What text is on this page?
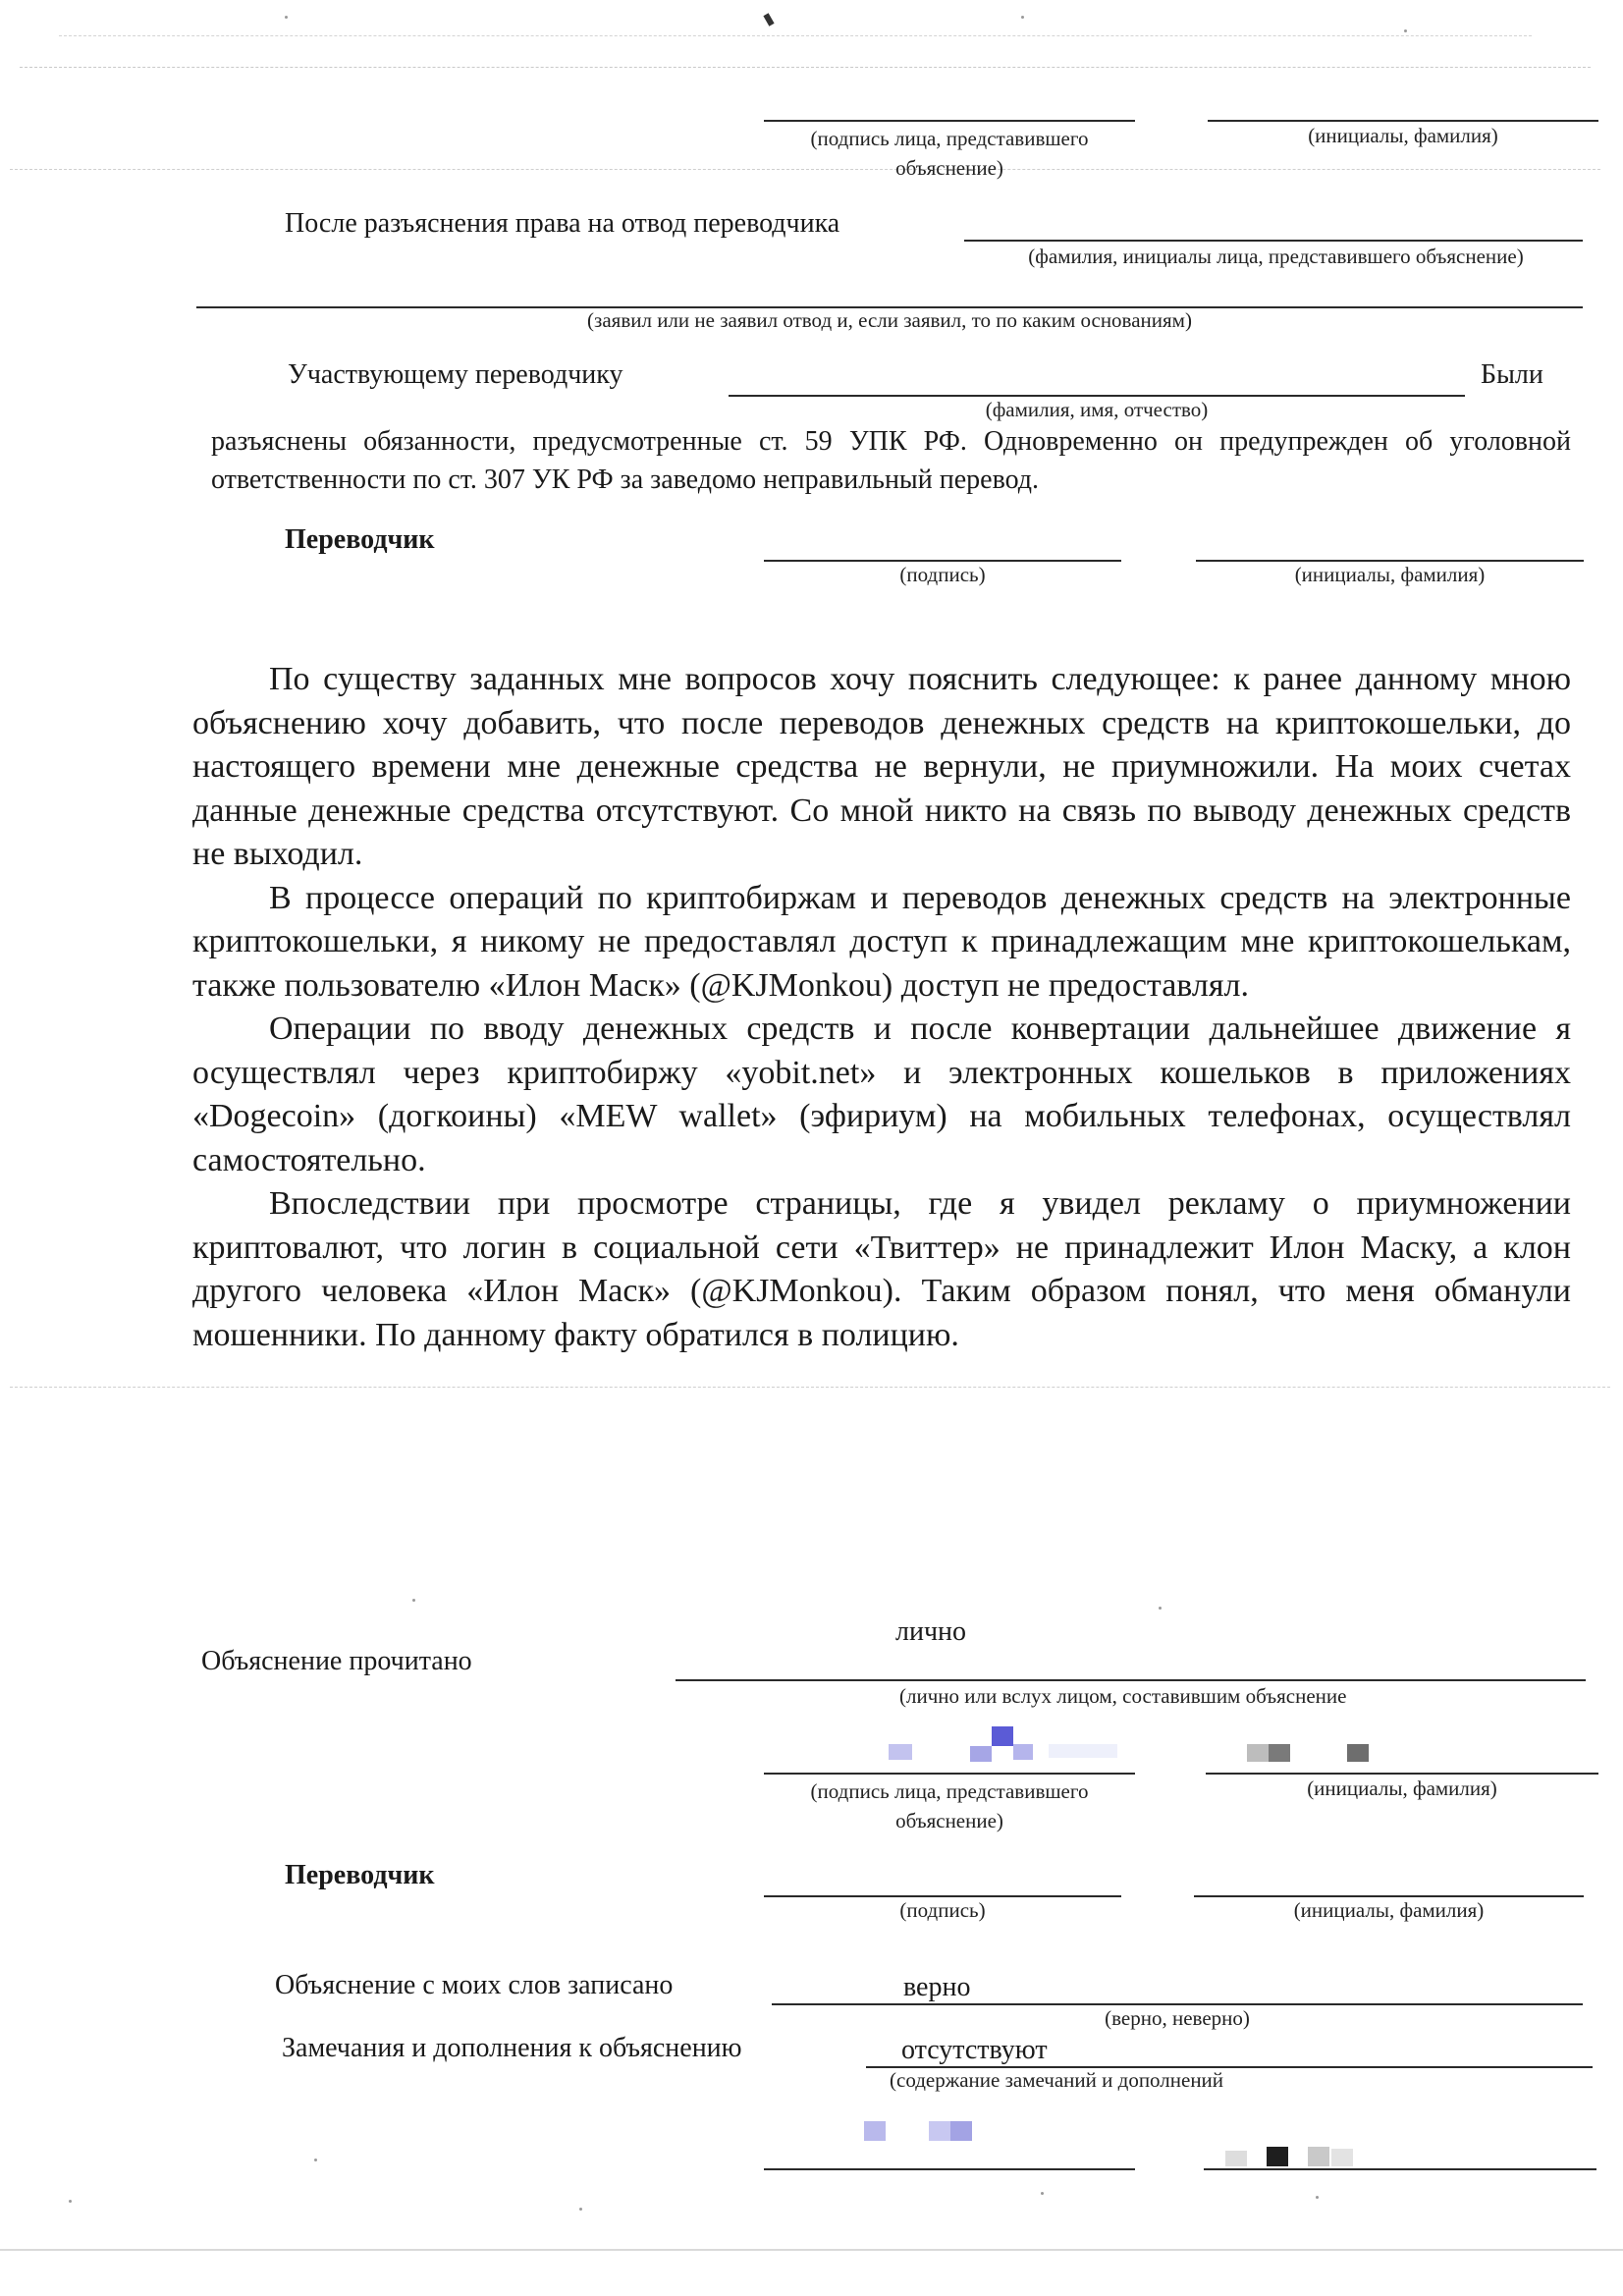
(подпись лица, представившего объяснение)
(инициалы, фамилия)
После разъяснения права на отвод переводчика
(фамилия, инициалы лица, представившего объяснение)
(заявил или не заявил отвод и, если заявил, то по каким основаниям)
Участвующему переводчику	Были
(фамилия, имя, отчество)
разъяснены обязанности, предусмотренные ст. 59 УПК РФ. Одновременно он предупрежден об уголовной ответственности по ст. 307 УК РФ за заведомо неправильный перевод.
Переводчик
(подпись)	(инициалы, фамилия)

По существу заданных мне вопросов хочу пояснить следующее: к ранее данному мною объяснению хочу добавить, что после переводов денежных средств на криптокошельки, до настоящего времени мне денежные средства не вернули, не приумножили. На моих счетах данные денежные средства отсутствуют. Со мной никто на связь по выводу денежных средств не выходил.

В процессе операций по криптобиржам и переводов денежных средств на электронные криптокошельки, я никому не предоставлял доступ к принадлежащим мне криптокошелькам, также пользователю «Илон Маск» (@KJMonkou) доступ не предоставлял.

Операции по вводу денежных средств и после конвертации дальнейшее движение я осуществлял через криптобиржу «yobit.net» и электронных кошельков в приложениях «Dogecoin» (догкоины) «MEW wallet» (эфириум) на мобильных телефонах, осуществлял самостоятельно.

Впоследствии при просмотре страницы, где я увидел рекламу о приумножении криптовалют, что логин в социальной сети «Твиттер» не принадлежит Илон Маску, а клон другого человека «Илон Маск» (@KJMonkou). Таким образом понял, что меня обманули мошенники. По данному факту обратился в полицию.

Объяснение прочитано
лично
(лично или вслух лицом, составившим объяснение
(подпись лица, представившего объяснение)
(инициалы, фамилия)
Переводчик
(подпись)	(инициалы, фамилия)
Объяснение с моих слов записано	верно
(верно, неверно)
Замечания и дополнения к объяснению	отсутствуют
(содержание замечаний и дополнений
